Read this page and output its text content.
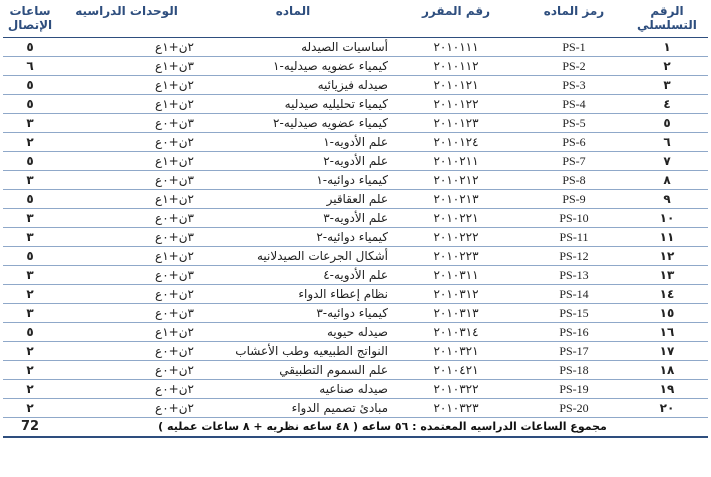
الرقم التسلسلي	رمز الماده	رقم المقرر	الماده	الوحدات الدراسيه	ساعات الإتصال
١	PS-1	٢٠١٠١١١	أساسيات الصيدله	٢ن+١ع	٥
٢	PS-2	٢٠١٠١١٢	كيمياء عضويه صيدليه-١	٣ن+١ع	٦
٣	PS-3	٢٠١٠١٢١	صيدله فيزيائيه	٢ن+١ع	٥
٤	PS-4	٢٠١٠١٢٢	كيمياء تحليليه صيدليه	٢ن+١ع	٥
٥	PS-5	٢٠١٠١٢٣	كيمياء عضويه صيدليه-٢	٣ن+٠ع	٣
٦	PS-6	٢٠١٠١٢٤	علم الأدويه-١	٢ن+٠ع	٢
٧	PS-7	٢٠١٠٢١١	علم الأدويه-٢	٢ن+١ع	٥
٨	PS-8	٢٠١٠٢١٢	كيمياء دوائيه-١	٣ن+٠ع	٣
٩	PS-9	٢٠١٠٢١٣	علم العقاقير	٢ن+١ع	٥
١٠	PS-10	٢٠١٠٢٢١	علم الأدويه-٣	٣ن+٠ع	٣
١١	PS-11	٢٠١٠٢٢٢	كيمياء دوائيه-٢	٣ن+٠ع	٣
١٢	PS-12	٢٠١٠٢٢٣	أشكال الجرعات الصيدلانيه	٢ن+١ع	٥
١٣	PS-13	٢٠١٠٣١١	علم الأدويه-٤	٣ن+٠ع	٣
١٤	PS-14	٢٠١٠٣١٢	نظام إعطاء الدواء	٢ن+٠ع	٢
١٥	PS-15	٢٠١٠٣١٣	كيمياء دوائيه-٣	٣ن+٠ع	٣
١٦	PS-16	٢٠١٠٣١٤	صيدله حيويه	٢ن+١ع	٥
١٧	PS-17	٢٠١٠٣٢١	النواتج الطبيعيه وطب الأعشاب	٢ن+٠ع	٢
١٨	PS-18	٢٠١٠٤٢١	علم السموم التطبيقي	٢ن+٠ع	٢
١٩	PS-19	٢٠١٠٣٢٢	صيدله صناعيه	٢ن+٠ع	٢
٢٠	PS-20	٢٠١٠٣٢٣	مبادئ تصميم الدواء	٢ن+٠ع	٢
مجموع الساعات الدراسيه المعتمده : ٥٦ ساعه ( ٤٨ ساعه نظريه + ٨ ساعات عمليه )					72
